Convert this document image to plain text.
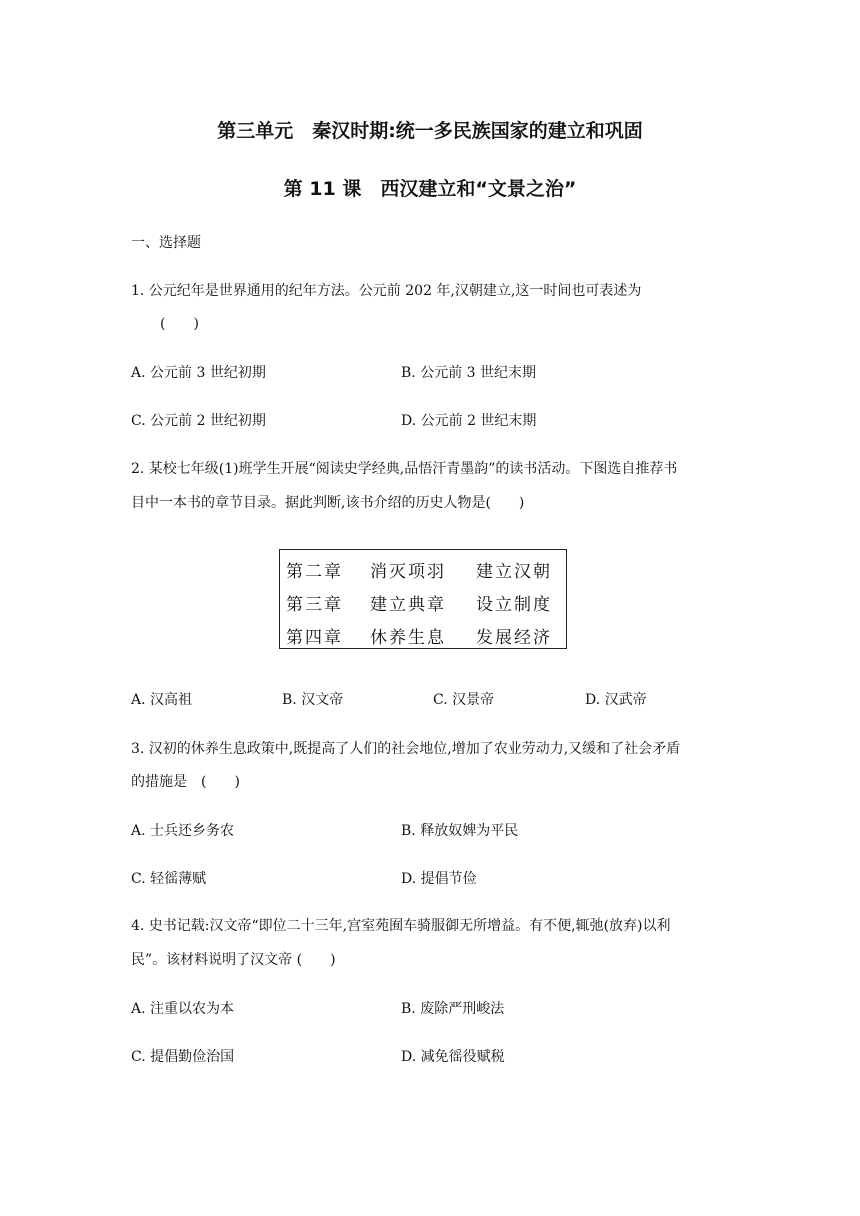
第三单元　秦汉时期:统一多民族国家的建立和巩固
第 11 课　西汉建立和“文景之治”
一、选择题
1. 公元纪年是世界通用的纪年方法。公元前 202 年,汉朝建立,这一时间也可表述为
(　　)
A. 公元前 3 世纪初期	B. 公元前 3 世纪末期
C. 公元前 2 世纪初期	D. 公元前 2 世纪末期
2. 某校七年级(1)班学生开展“阅读史学经典,品悟汗青墨韵”的读书活动。下图选自推荐书
目中一本书的章节目录。据此判断,该书介绍的历史人物是(　　)
第二章 消灭项羽 建立汉朝
第三章 建立典章 设立制度
第四章 休养生息 发展经济
A. 汉高祖	B. 汉文帝	C. 汉景帝	D. 汉武帝
3. 汉初的休养生息政策中,既提高了人们的社会地位,增加了农业劳动力,又缓和了社会矛盾
的措施是　(　　)
A. 士兵还乡务农	B. 释放奴婢为平民
C. 轻徭薄赋	D. 提倡节俭
4. 史书记载:汉文帝“即位二十三年,宫室苑囿车骑服御无所增益。有不便,辄弛(放弃)以利
民”。该材料说明了汉文帝 (　　)
A. 注重以农为本	B. 废除严刑峻法
C. 提倡勤俭治国	D. 减免徭役赋税
